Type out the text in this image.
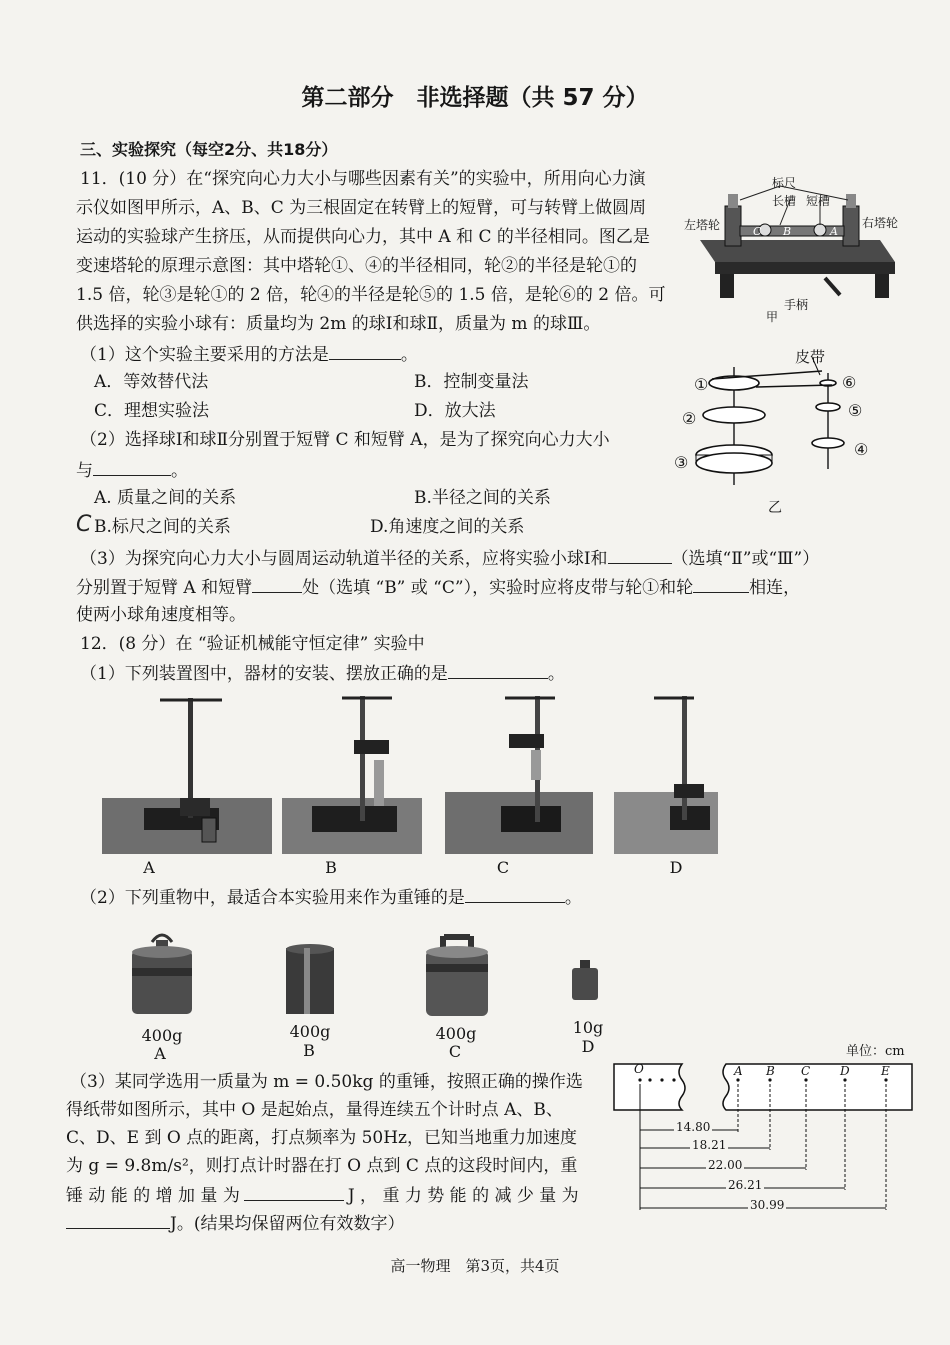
第二部分　非选择题（共 57 分）
三、实验探究（每空2分、共18分）
11．(10 分）在“探究向心力大小与哪些因素有关”的实验中，所用向心力演
示仪如图甲所示，A、B、C 为三根固定在转臂上的短臂，可与转臂上做圆周
运动的实验球产生挤压，从而提供向心力，其中 A 和 C 的半径相同。图乙是
变速塔轮的原理示意图：其中塔轮①、④的半径相同，轮②的半径是轮①的
1.5 倍，轮③是轮①的 2 倍，轮④的半径是轮⑤的 1.5 倍，是轮⑥的 2 倍。可
供选择的实验小球有：质量均为 2m 的球Ⅰ和球Ⅱ，质量为 m 的球Ⅲ。
C B	A
标尺
长槽 短槽
左塔轮	右塔轮
手柄
甲
（1）这个实验主要采用的方法是	。
A．等效替代法	B．控制变量法
C．理想实验法	D．放大法
（2）选择球Ⅰ和球Ⅱ分别置于短臂 C 和短臂 A，是为了探究向心力大小
与	。
A. 质量之间的关系	B.半径之间的关系
C B.标尺之间的关系	D.角速度之间的关系
皮带
①
②
③
④
⑤
⑥
乙
（3）为探究向心力大小与圆周运动轨道半径的关系，应将实验小球Ⅰ和	（选填“Ⅱ”或“Ⅲ”）
分别置于短臂 A 和短臂	处（选填 “B” 或 “C”），实验时应将皮带与轮①和轮	相连，
使两小球角速度相等。
12．(8 分）在 “验证机械能守恒定律” 实验中
（1）下列装置图中，器材的安装、摆放正确的是	。
A	B	C	D
（2）下列重物中，最适合本实验用来作为重锤的是	。
400g
A
400g
B
400g
C
10g
D
（3）某同学选用一质量为 m = 0.50kg 的重锤，按照正确的操作选
得纸带如图所示，其中 O 是起始点，量得连续五个计时点 A、B、
C、D、E 到 O 点的距离，打点频率为 50Hz，已知当地重力加速度
为 g = 9.8m/s²，则打点计时器在打 O 点到 C 点的这段时间内，重
锤 动 能 的 增 加 量 为	J ， 重 力 势 能 的 减 少 量 为
J。(结果均保留两位有效数字）
单位：cm
O	A B C D	E
14.80
18.21
22.00
26.21
30.99
高一物理　第3页，共4页
